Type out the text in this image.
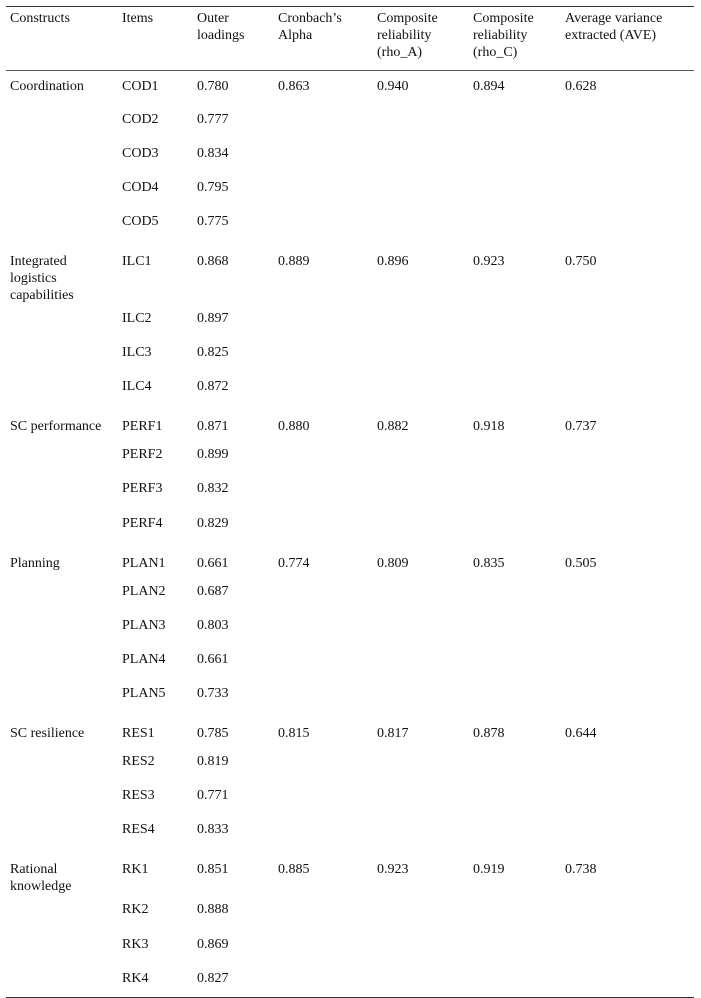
Constructs	Items	Outer loadings	Cronbach’s Alpha	Composite reliability (rho_A)	Composite reliability (rho_C)	Average variance extracted (AVE)
Coordination	COD1	0.780	0.863	0.940	0.894	0.628
	COD2	0.777				
	COD3	0.834				
	COD4	0.795				
	COD5	0.775				
Integrated logistics capabilities	ILC1	0.868	0.889	0.896	0.923	0.750
	ILC2	0.897				
	ILC3	0.825				
	ILC4	0.872				
SC performance	PERF1	0.871	0.880	0.882	0.918	0.737
	PERF2	0.899				
	PERF3	0.832				
	PERF4	0.829				
Planning	PLAN1	0.661	0.774	0.809	0.835	0.505
	PLAN2	0.687				
	PLAN3	0.803				
	PLAN4	0.661				
	PLAN5	0.733				
SC resilience	RES1	0.785	0.815	0.817	0.878	0.644
	RES2	0.819				
	RES3	0.771				
	RES4	0.833				
Rational knowledge	RK1	0.851	0.885	0.923	0.919	0.738
	RK2	0.888				
	RK3	0.869				
	RK4	0.827				
